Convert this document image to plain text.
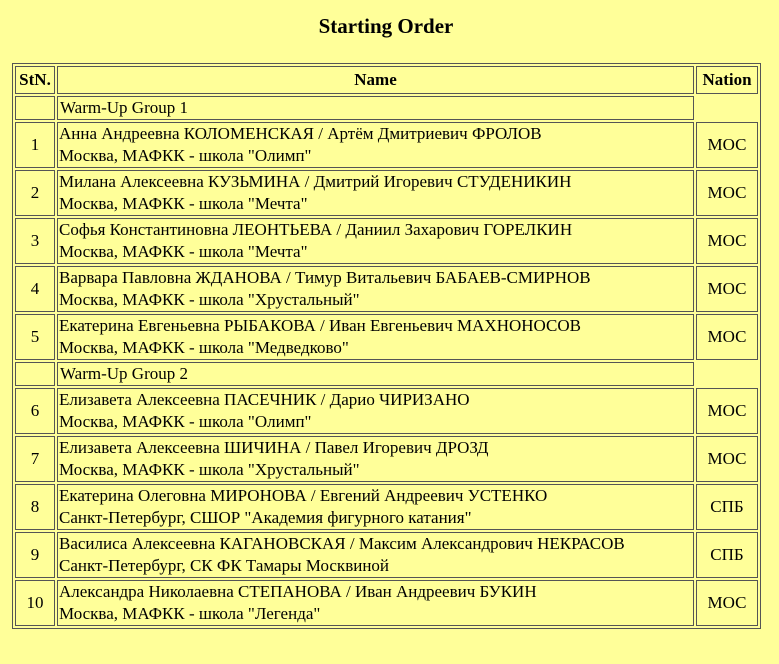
Starting Order
StN.	Name	Nation
	Warm-Up Group 1	
1	Анна Андреевна КОЛОМЕНСКАЯ / Артём Дмитриевич ФРОЛОВ
Москва, МАФКК - школа "Олимп"	МОС
2	Милана Алексеевна КУЗЬМИНА / Дмитрий Игоревич СТУДЕНИКИН
Москва, МАФКК - школа "Мечта"	МОС
3	Софья Константиновна ЛЕОНТЬЕВА / Даниил Захарович ГОРЕЛКИН
Москва, МАФКК - школа "Мечта"	МОС
4	Варвара Павловна ЖДАНОВА / Тимур Витальевич БАБАЕВ-СМИРНОВ
Москва, МАФКК - школа "Хрустальный"	МОС
5	Екатерина Евгеньевна РЫБАКОВА / Иван Евгеньевич МАХНОНОСОВ
Москва, МАФКК - школа "Медведково"	МОС
	Warm-Up Group 2	
6	Елизавета Алексеевна ПАСЕЧНИК / Дарио ЧИРИЗАНО
Москва, МАФКК - школа "Олимп"	МОС
7	Елизавета Алексеевна ШИЧИНА / Павел Игоревич ДРОЗД
Москва, МАФКК - школа "Хрустальный"	МОС
8	Екатерина Олеговна МИРОНОВА / Евгений Андреевич УСТЕНКО
Санкт-Петербург, СШОР "Академия фигурного катания"	СПБ
9	Василиса Алексеевна КАГАНОВСКАЯ / Максим Александрович НЕКРАСОВ
Санкт-Петербург, СК ФК Тамары Москвиной	СПБ
10	Александра Николаевна СТЕПАНОВА / Иван Андреевич БУКИН
Москва, МАФКК - школа "Легенда"	МОС
